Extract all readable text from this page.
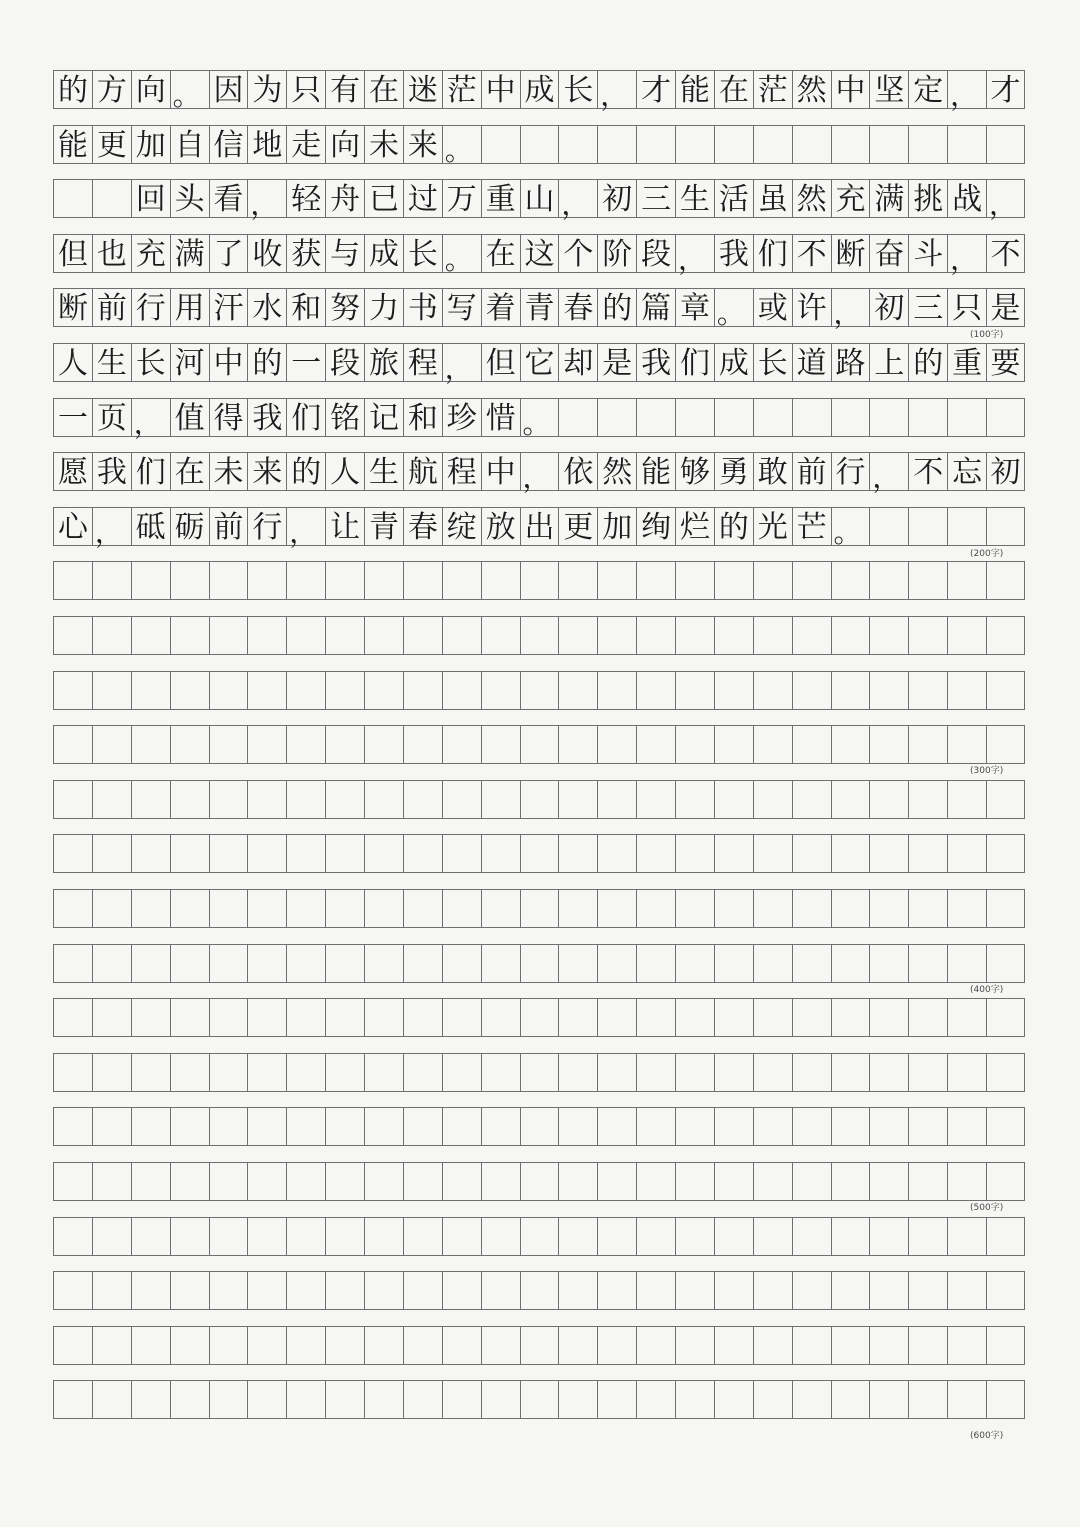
的 方 向 。 因 为 只 有 在 迷 茫 中 成 长 ， 才 能 在 茫 然 中 坚 定 ， 才
能 更 加 自 信 地 走 向 未 来 。
回 头 看 ， 轻 舟 已 过 万 重 山 ， 初 三 生 活 虽 然 充 满 挑 战 ，
但 也 充 满 了 收 获 与 成 长 。 在 这 个 阶 段 ， 我 们 不 断 奋 斗 ， 不
断 前 行 用 汗 水 和 努 力 书 写 着 青 春 的 篇 章 。 或 许 ， 初 三 只 是
人 生 长 河 中 的 一 段 旅 程 ， 但 它 却 是 我 们 成 长 道 路 上 的 重 要
一 页 ， 值 得 我 们 铭 记 和 珍 惜 。
愿 我 们 在 未 来 的 人 生 航 程 中 ， 依 然 能 够 勇 敢 前 行 ， 不 忘 初
心 ， 砥 砺 前 行 ， 让 青 春 绽 放 出 更 加 绚 烂 的 光 芒 。
(100字)
(200字)
(300字)
(400字)
(500字)
(600字)
